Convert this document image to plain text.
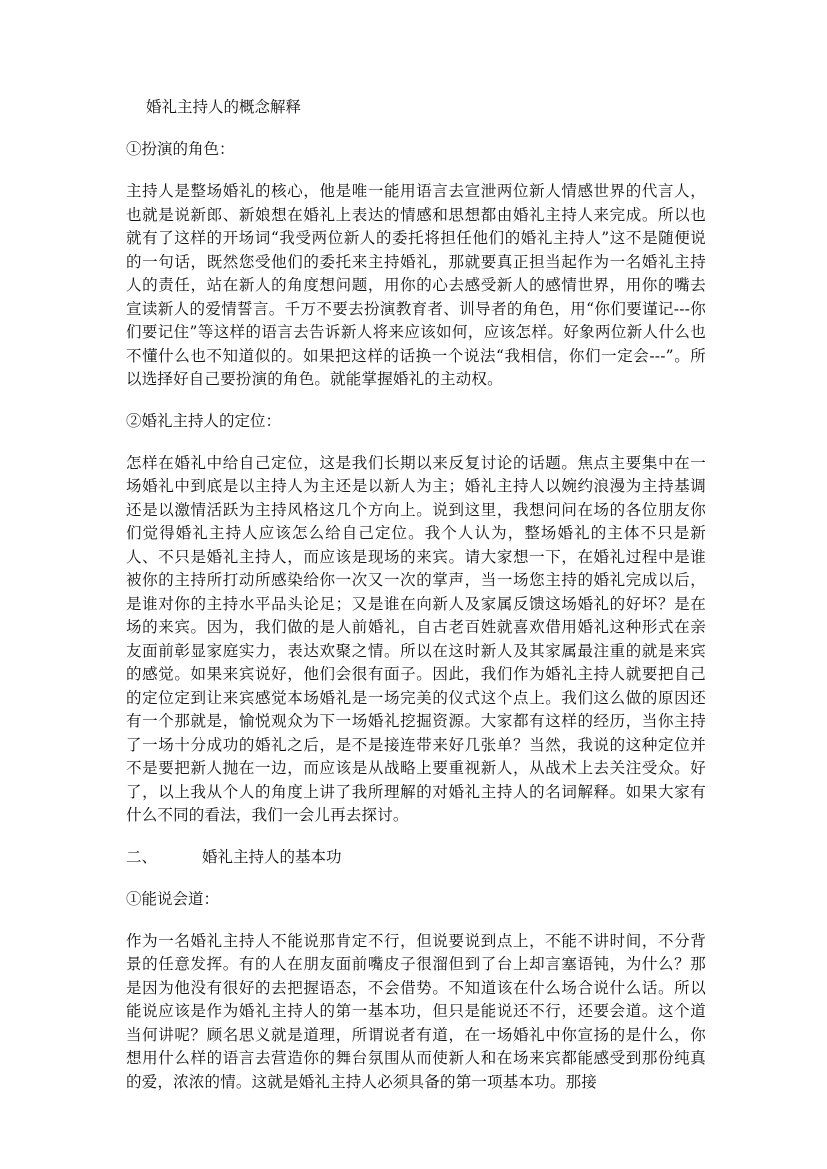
婚礼主持人的概念解释
①扮演的角色：

主持人是整场婚礼的核心，他是唯一能用语言去宣泄两位新人情感世界的代言人，也就是说新郎、新娘想在婚礼上表达的情感和思想都由婚礼主持人来完成。所以也就有了这样的开场词“我受两位新人的委托将担任他们的婚礼主持人”这不是随便说的一句话，既然您受他们的委托来主持婚礼，那就要真正担当起作为一名婚礼主持人的责任，站在新人的角度想问题，用你的心去感受新人的感情世界，用你的嘴去宣读新人的爱情誓言。千万不要去扮演教育者、训导者的角色，用“你们要谨记---你们要记住”等这样的语言去告诉新人将来应该如何，应该怎样。好象两位新人什么也不懂什么也不知道似的。如果把这样的话换一个说法“我相信，你们一定会---”。所以选择好自己要扮演的角色。就能掌握婚礼的主动权。

②婚礼主持人的定位：

怎样在婚礼中给自己定位，这是我们长期以来反复讨论的话题。焦点主要集中在一场婚礼中到底是以主持人为主还是以新人为主；婚礼主持人以婉约浪漫为主持基调还是以激情活跃为主持风格这几个方向上。说到这里，我想问问在场的各位朋友你们觉得婚礼主持人应该怎么给自己定位。我个人认为，整场婚礼的主体不只是新人、不只是婚礼主持人，而应该是现场的来宾。请大家想一下，在婚礼过程中是谁被你的主持所打动所感染给你一次又一次的掌声，当一场您主持的婚礼完成以后，是谁对你的主持水平品头论足；又是谁在向新人及家属反馈这场婚礼的好坏？是在场的来宾。因为，我们做的是人前婚礼，自古老百姓就喜欢借用婚礼这种形式在亲友面前彰显家庭实力，表达欢聚之情。所以在这时新人及其家属最注重的就是来宾的感觉。如果来宾说好，他们会很有面子。因此，我们作为婚礼主持人就要把自己的定位定到让来宾感觉本场婚礼是一场完美的仪式这个点上。我们这么做的原因还有一个那就是，愉悦观众为下一场婚礼挖掘资源。大家都有这样的经历，当你主持了一场十分成功的婚礼之后，是不是接连带来好几张单？当然，我说的这种定位并不是要把新人抛在一边，而应该是从战略上要重视新人，从战术上去关注受众。好了，以上我从个人的角度上讲了我所理解的对婚礼主持人的名词解释。如果大家有什么不同的看法，我们一会儿再去探讨。

二、	婚礼主持人的基本功
①能说会道：

作为一名婚礼主持人不能说那肯定不行，但说要说到点上，不能不讲时间，不分背景的任意发挥。有的人在朋友面前嘴皮子很溜但到了台上却言塞语钝，为什么？那是因为他没有很好的去把握语态，不会借势。不知道该在什么场合说什么话。所以能说应该是作为婚礼主持人的第一基本功，但只是能说还不行，还要会道。这个道当何讲呢？顾名思义就是道理，所谓说者有道，在一场婚礼中你宣扬的是什么，你想用什么样的语言去营造你的舞台氛围从而使新人和在场来宾都能感受到那份纯真的爱，浓浓的情。这就是婚礼主持人必须具备的第一项基本功。那接
